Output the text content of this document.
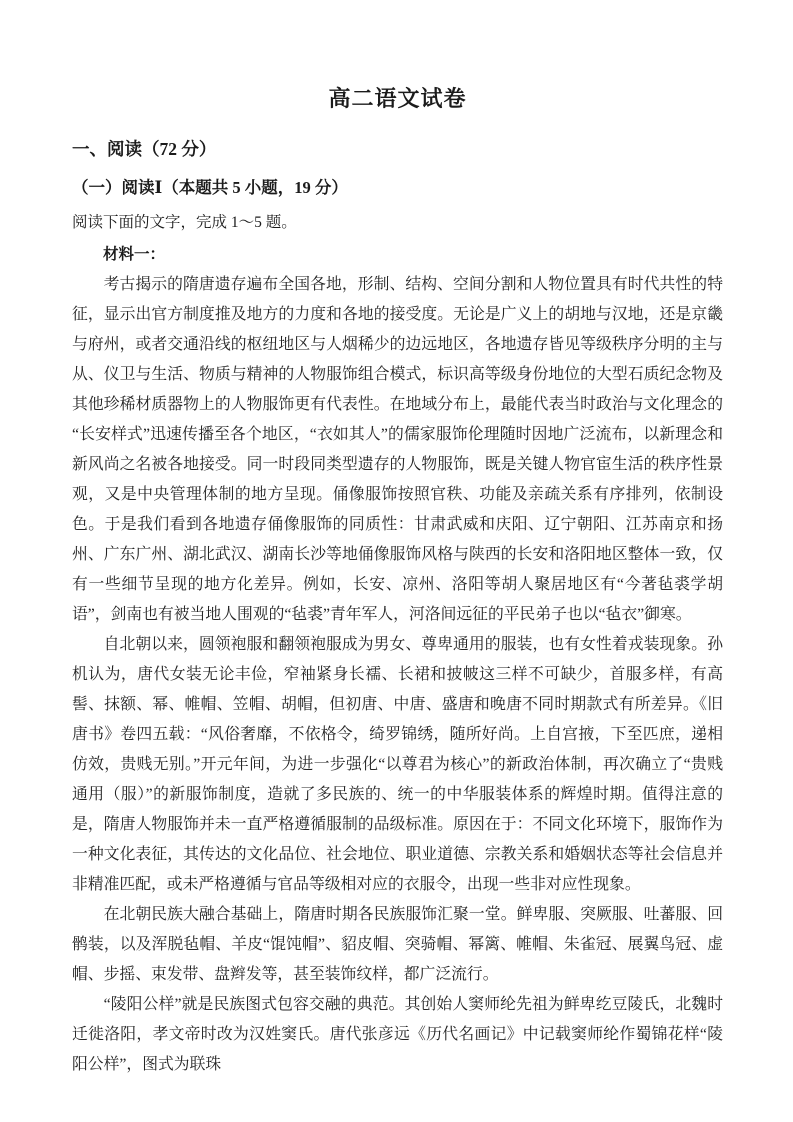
高二语文试卷
一、阅读（72 分）
（一）阅读Ⅰ（本题共 5 小题，19 分）

阅读下面的文字，完成 1～5 题。

材料一：

考古揭示的隋唐遗存遍布全国各地，形制、结构、空间分割和人物位置具有时代共性的特征，显示出官方制度推及地方的力度和各地的接受度。无论是广义上的胡地与汉地，还是京畿与府州，或者交通沿线的枢纽地区与人烟稀少的边远地区，各地遗存皆见等级秩序分明的主与从、仪卫与生活、物质与精神的人物服饰组合模式，标识高等级身份地位的大型石质纪念物及其他珍稀材质器物上的人物服饰更有代表性。在地域分布上，最能代表当时政治与文化理念的“长安样式”迅速传播至各个地区，“衣如其人”的儒家服饰伦理随时因地广泛流布，以新理念和新风尚之名被各地接受。同一时段同类型遗存的人物服饰，既是关键人物官宦生活的秩序性景观，又是中央管理体制的地方呈现。俑像服饰按照官秩、功能及亲疏关系有序排列，依制设色。于是我们看到各地遗存俑像服饰的同质性：甘肃武威和庆阳、辽宁朝阳、江苏南京和扬州、广东广州、湖北武汉、湖南长沙等地俑像服饰风格与陕西的长安和洛阳地区整体一致，仅有一些细节呈现的地方化差异。例如，长安、凉州、洛阳等胡人聚居地区有“今著毡裘学胡语”，剑南也有被当地人围观的“毡裘”青年军人，河洛间远征的平民弟子也以“毡衣”御寒。

自北朝以来，圆领袍服和翻领袍服成为男女、尊卑通用的服装，也有女性着戎装现象。孙机认为，唐代女装无论丰俭，窄袖紧身长襦、长裙和披帔这三样不可缺少，首服多样，有高髻、抹额、幂、帷帽、笠帽、胡帽，但初唐、中唐、盛唐和晚唐不同时期款式有所差异。《旧唐书》卷四五载：“风俗奢靡，不依格令，绮罗锦绣，随所好尚。上自宫掖，下至匹庶，递相仿效，贵贱无别。”开元年间，为进一步强化“以尊君为核心”的新政治体制，再次确立了“贵贱通用（服）”的新服饰制度，造就了多民族的、统一的中华服装体系的辉煌时期。值得注意的是，隋唐人物服饰并未一直严格遵循服制的品级标准。原因在于：不同文化环境下，服饰作为一种文化表征，其传达的文化品位、社会地位、职业道德、宗教关系和婚姻状态等社会信息并非精准匹配，或未严格遵循与官品等级相对应的衣服令，出现一些非对应性现象。

在北朝民族大融合基础上，隋唐时期各民族服饰汇聚一堂。鲜卑服、突厥服、吐蕃服、回鹘装，以及浑脱毡帽、羊皮“馄饨帽”、貂皮帽、突骑帽、幂篱、帷帽、朱雀冠、展翼鸟冠、虚帽、步摇、束发带、盘辫发等，甚至装饰纹样，都广泛流行。

“陵阳公样”就是民族图式包容交融的典范。其创始人窦师纶先祖为鲜卑纥豆陵氏，北魏时迁徙洛阳，孝文帝时改为汉姓窦氏。唐代张彦远《历代名画记》中记载窦师纶作蜀锦花样“陵阳公样”，图式为联珠
